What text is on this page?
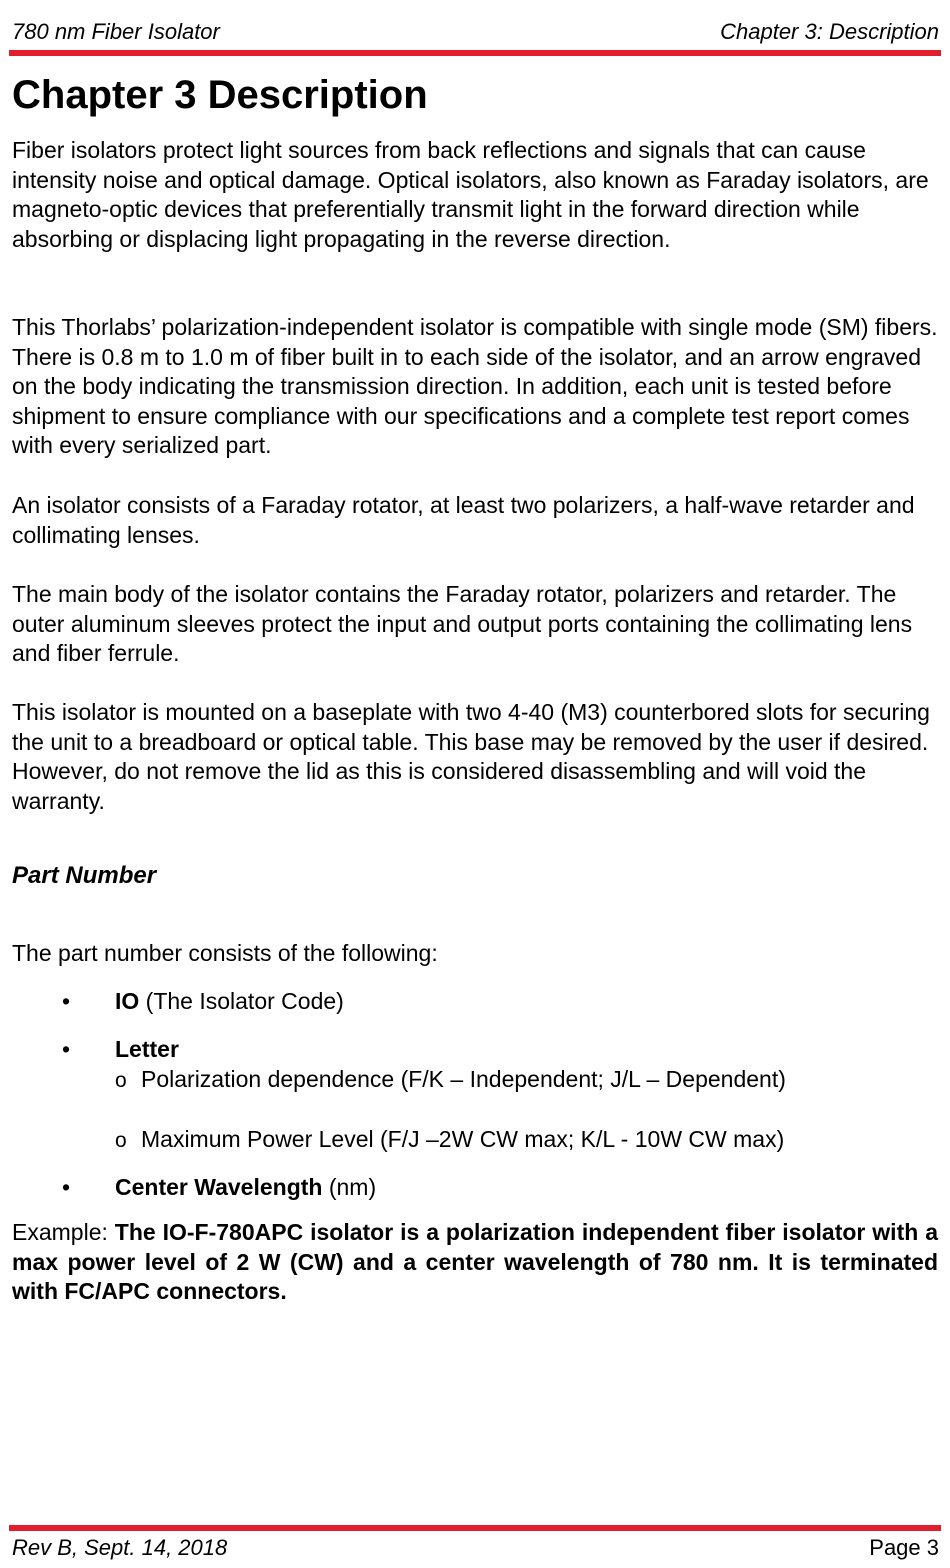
780 nm Fiber Isolator	Chapter 3: Description
Chapter 3 Description

Fiber isolators protect light sources from back reflections and signals that can cause intensity noise and optical damage. Optical isolators, also known as Faraday isolators, are magneto-optic devices that preferentially transmit light in the forward direction while absorbing or displacing light propagating in the reverse direction.

This Thorlabs’ polarization-independent isolator is compatible with single mode (SM) fibers. There is 0.8 m to 1.0 m of fiber built in to each side of the isolator, and an arrow engraved on the body indicating the transmission direction. In addition, each unit is tested before shipment to ensure compliance with our specifications and a complete test report comes with every serialized part.

An isolator consists of a Faraday rotator, at least two polarizers, a half-wave retarder and collimating lenses.

The main body of the isolator contains the Faraday rotator, polarizers and retarder. The outer aluminum sleeves protect the input and output ports containing the collimating lens and fiber ferrule.

This isolator is mounted on a baseplate with two 4-40 (M3) counterbored slots for securing the unit to a breadboard or optical table. This base may be removed by the user if desired. However, do not remove the lid as this is considered disassembling and will void the warranty.

Part Number

The part number consists of the following:

• IO (The Isolator Code)
• Letter
o Polarization dependence (F/K – Independent; J/L – Dependent)
o Maximum Power Level (F/J –2W CW max; K/L - 10W CW max)
• Center Wavelength (nm)

Example: The IO-F-780APC isolator is a polarization independent fiber isolator with a max power level of 2 W (CW) and a center wavelength of 780 nm. It is terminated with FC/APC connectors.

Rev B, Sept. 14, 2018	Page 3
